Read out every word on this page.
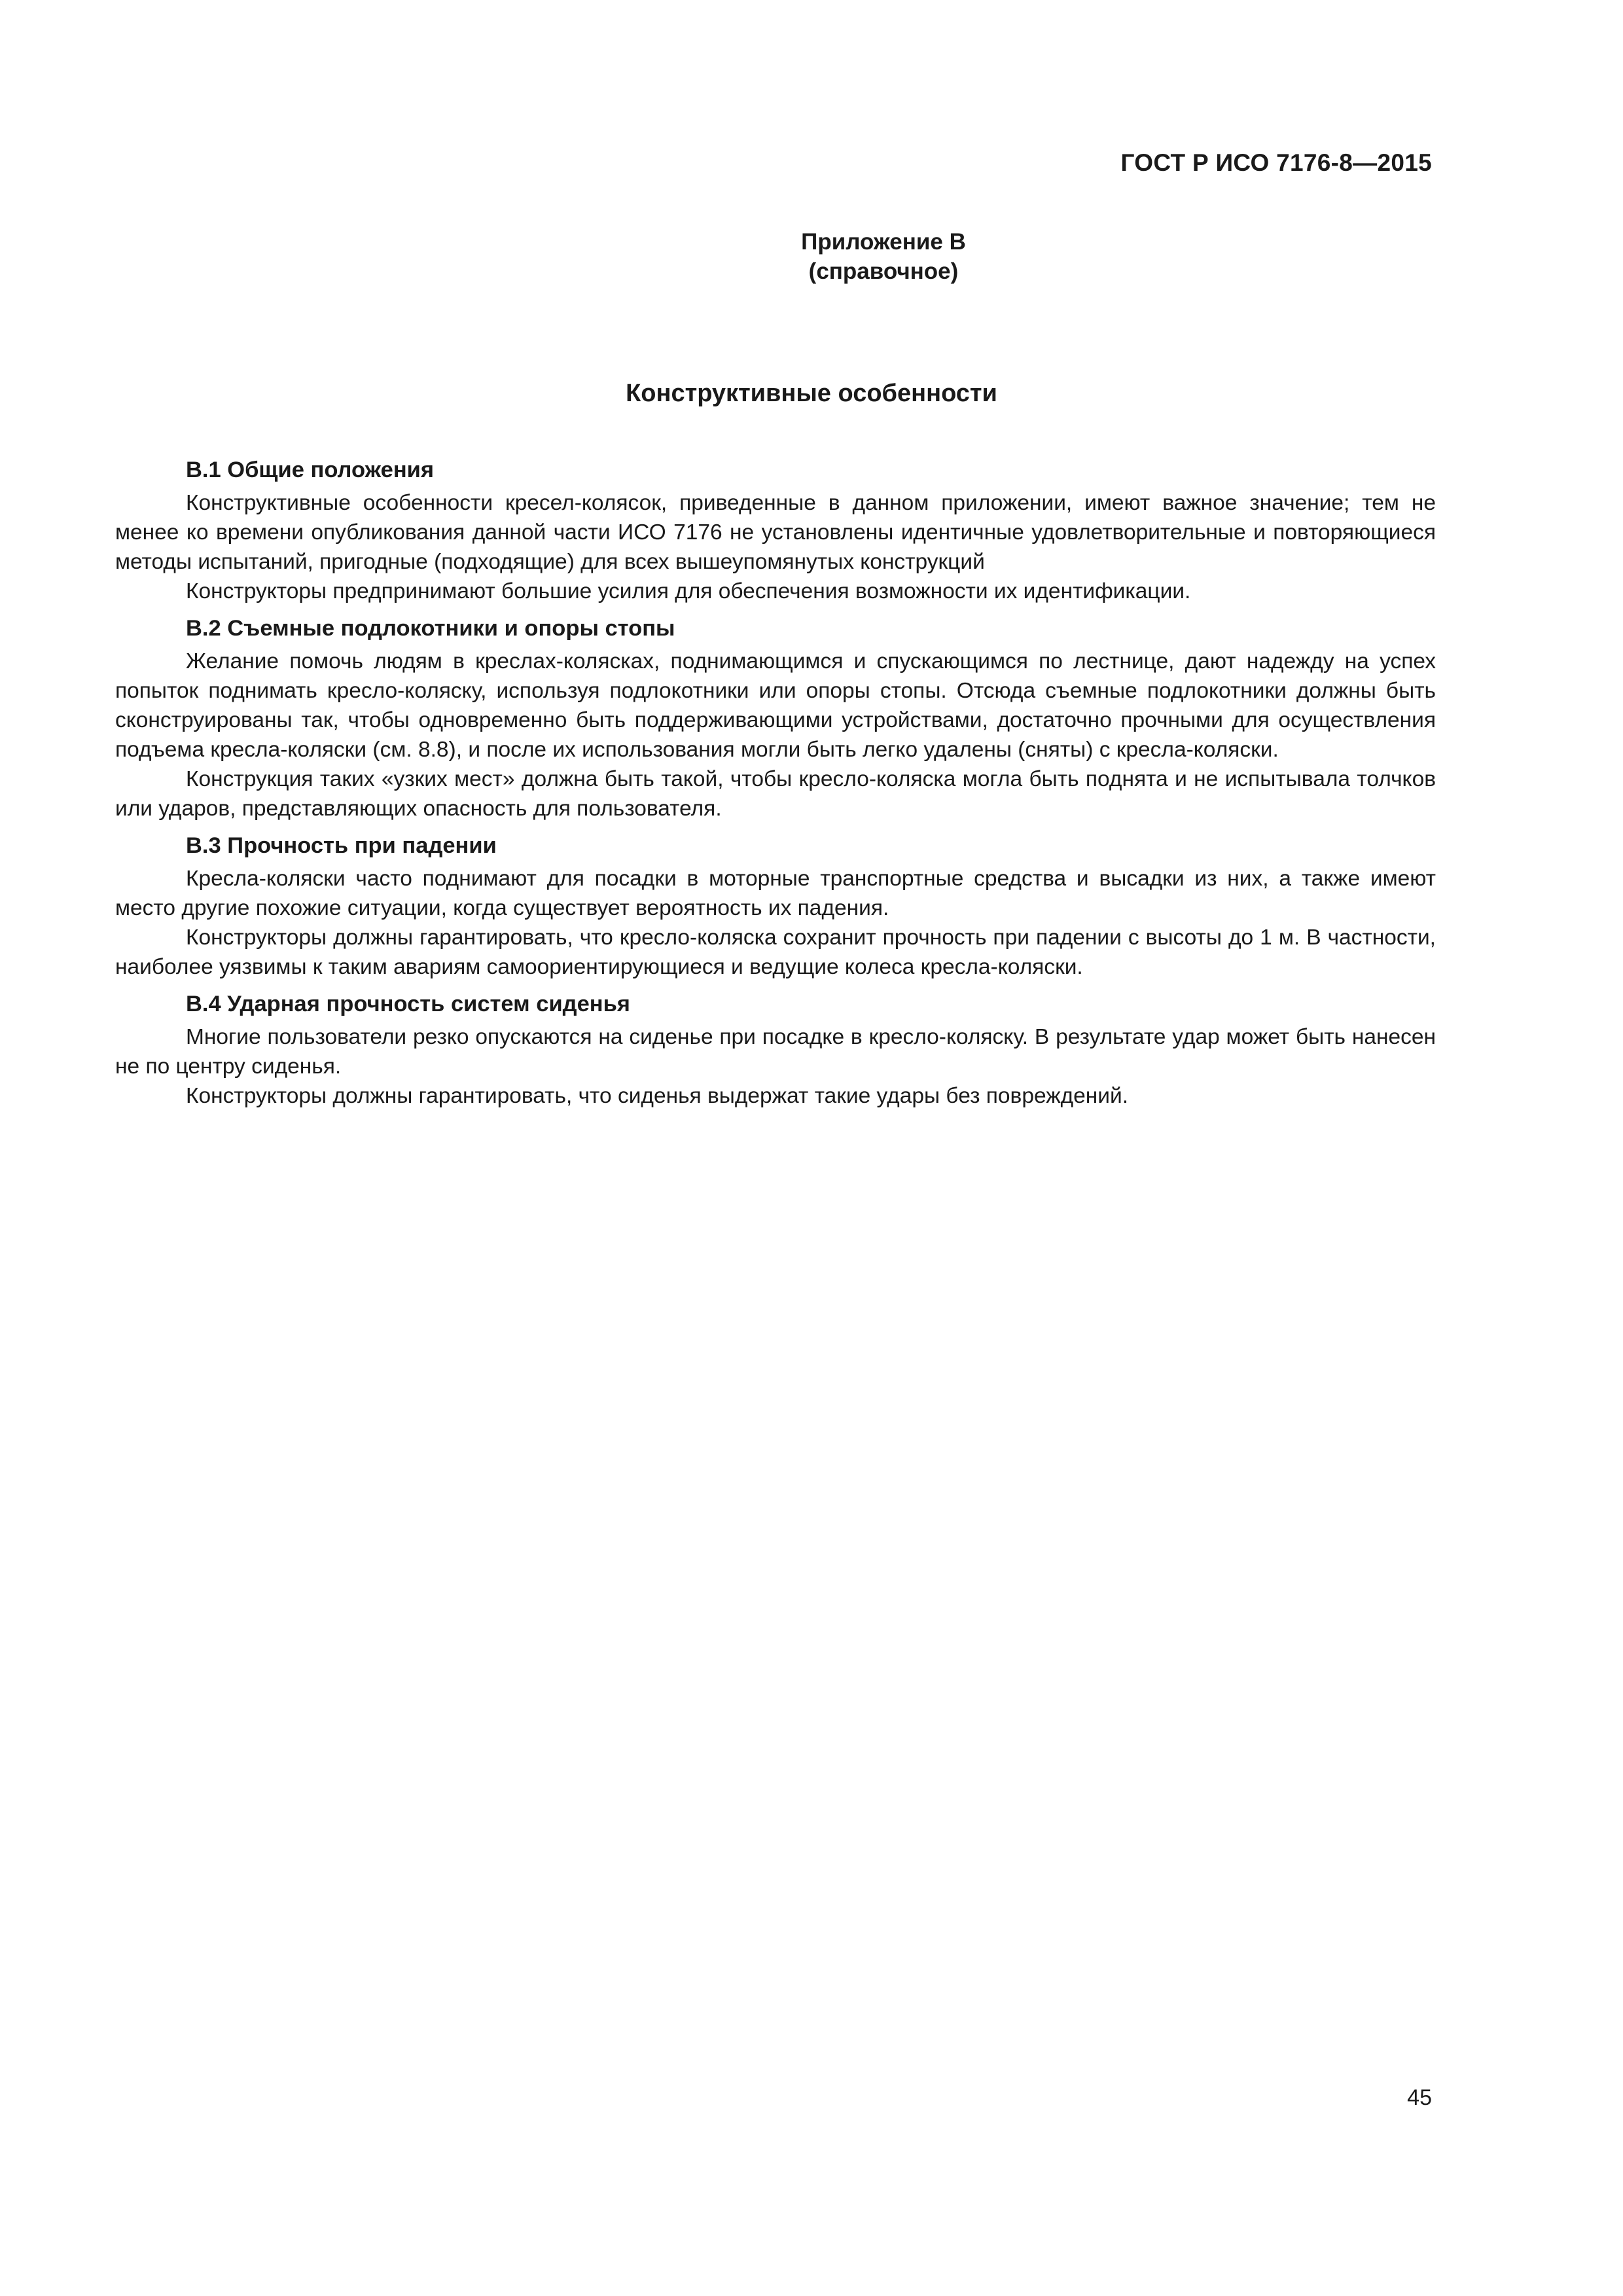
ГОСТ Р ИСО 7176-8—2015
Приложение В
(справочное)
Конструктивные особенности

В.1 Общие положения

Конструктивные особенности кресел-колясок, приведенные в данном приложении, имеют важное значение; тем не менее ко времени опубликования данной части ИСО 7176 не установлены идентичные удовлетворительные и повторяющиеся методы испытаний, пригодные (подходящие) для всех вышеупомянутых конструкций

Конструкторы предпринимают большие усилия для обеспечения возможности их идентификации.

В.2 Съемные подлокотники и опоры стопы

Желание помочь людям в креслах-колясках, поднимающимся и спускающимся по лестнице, дают надежду на успех попыток поднимать кресло-коляску, используя подлокотники или опоры стопы. Отсюда съемные подлокотники должны быть сконструированы так, чтобы одновременно быть поддерживающими устройствами, достаточно прочными для осуществления подъема кресла-коляски (см. 8.8), и после их использования могли быть легко удалены (сняты) с кресла-коляски.

Конструкция таких «узких мест» должна быть такой, чтобы кресло-коляска могла быть поднята и не испытывала толчков или ударов, представляющих опасность для пользователя.

В.3 Прочность при падении

Кресла-коляски часто поднимают для посадки в моторные транспортные средства и высадки из них, а также имеют место другие похожие ситуации, когда существует вероятность их падения.

Конструкторы должны гарантировать, что кресло-коляска сохранит прочность при падении с высоты до 1 м. В частности, наиболее уязвимы к таким авариям самоориентирующиеся и ведущие колеса кресла-коляски.

В.4 Ударная прочность систем сиденья

Многие пользователи резко опускаются на сиденье при посадке в кресло-коляску. В результате удар может быть нанесен не по центру сиденья.

Конструкторы должны гарантировать, что сиденья выдержат такие удары без повреждений.

45
